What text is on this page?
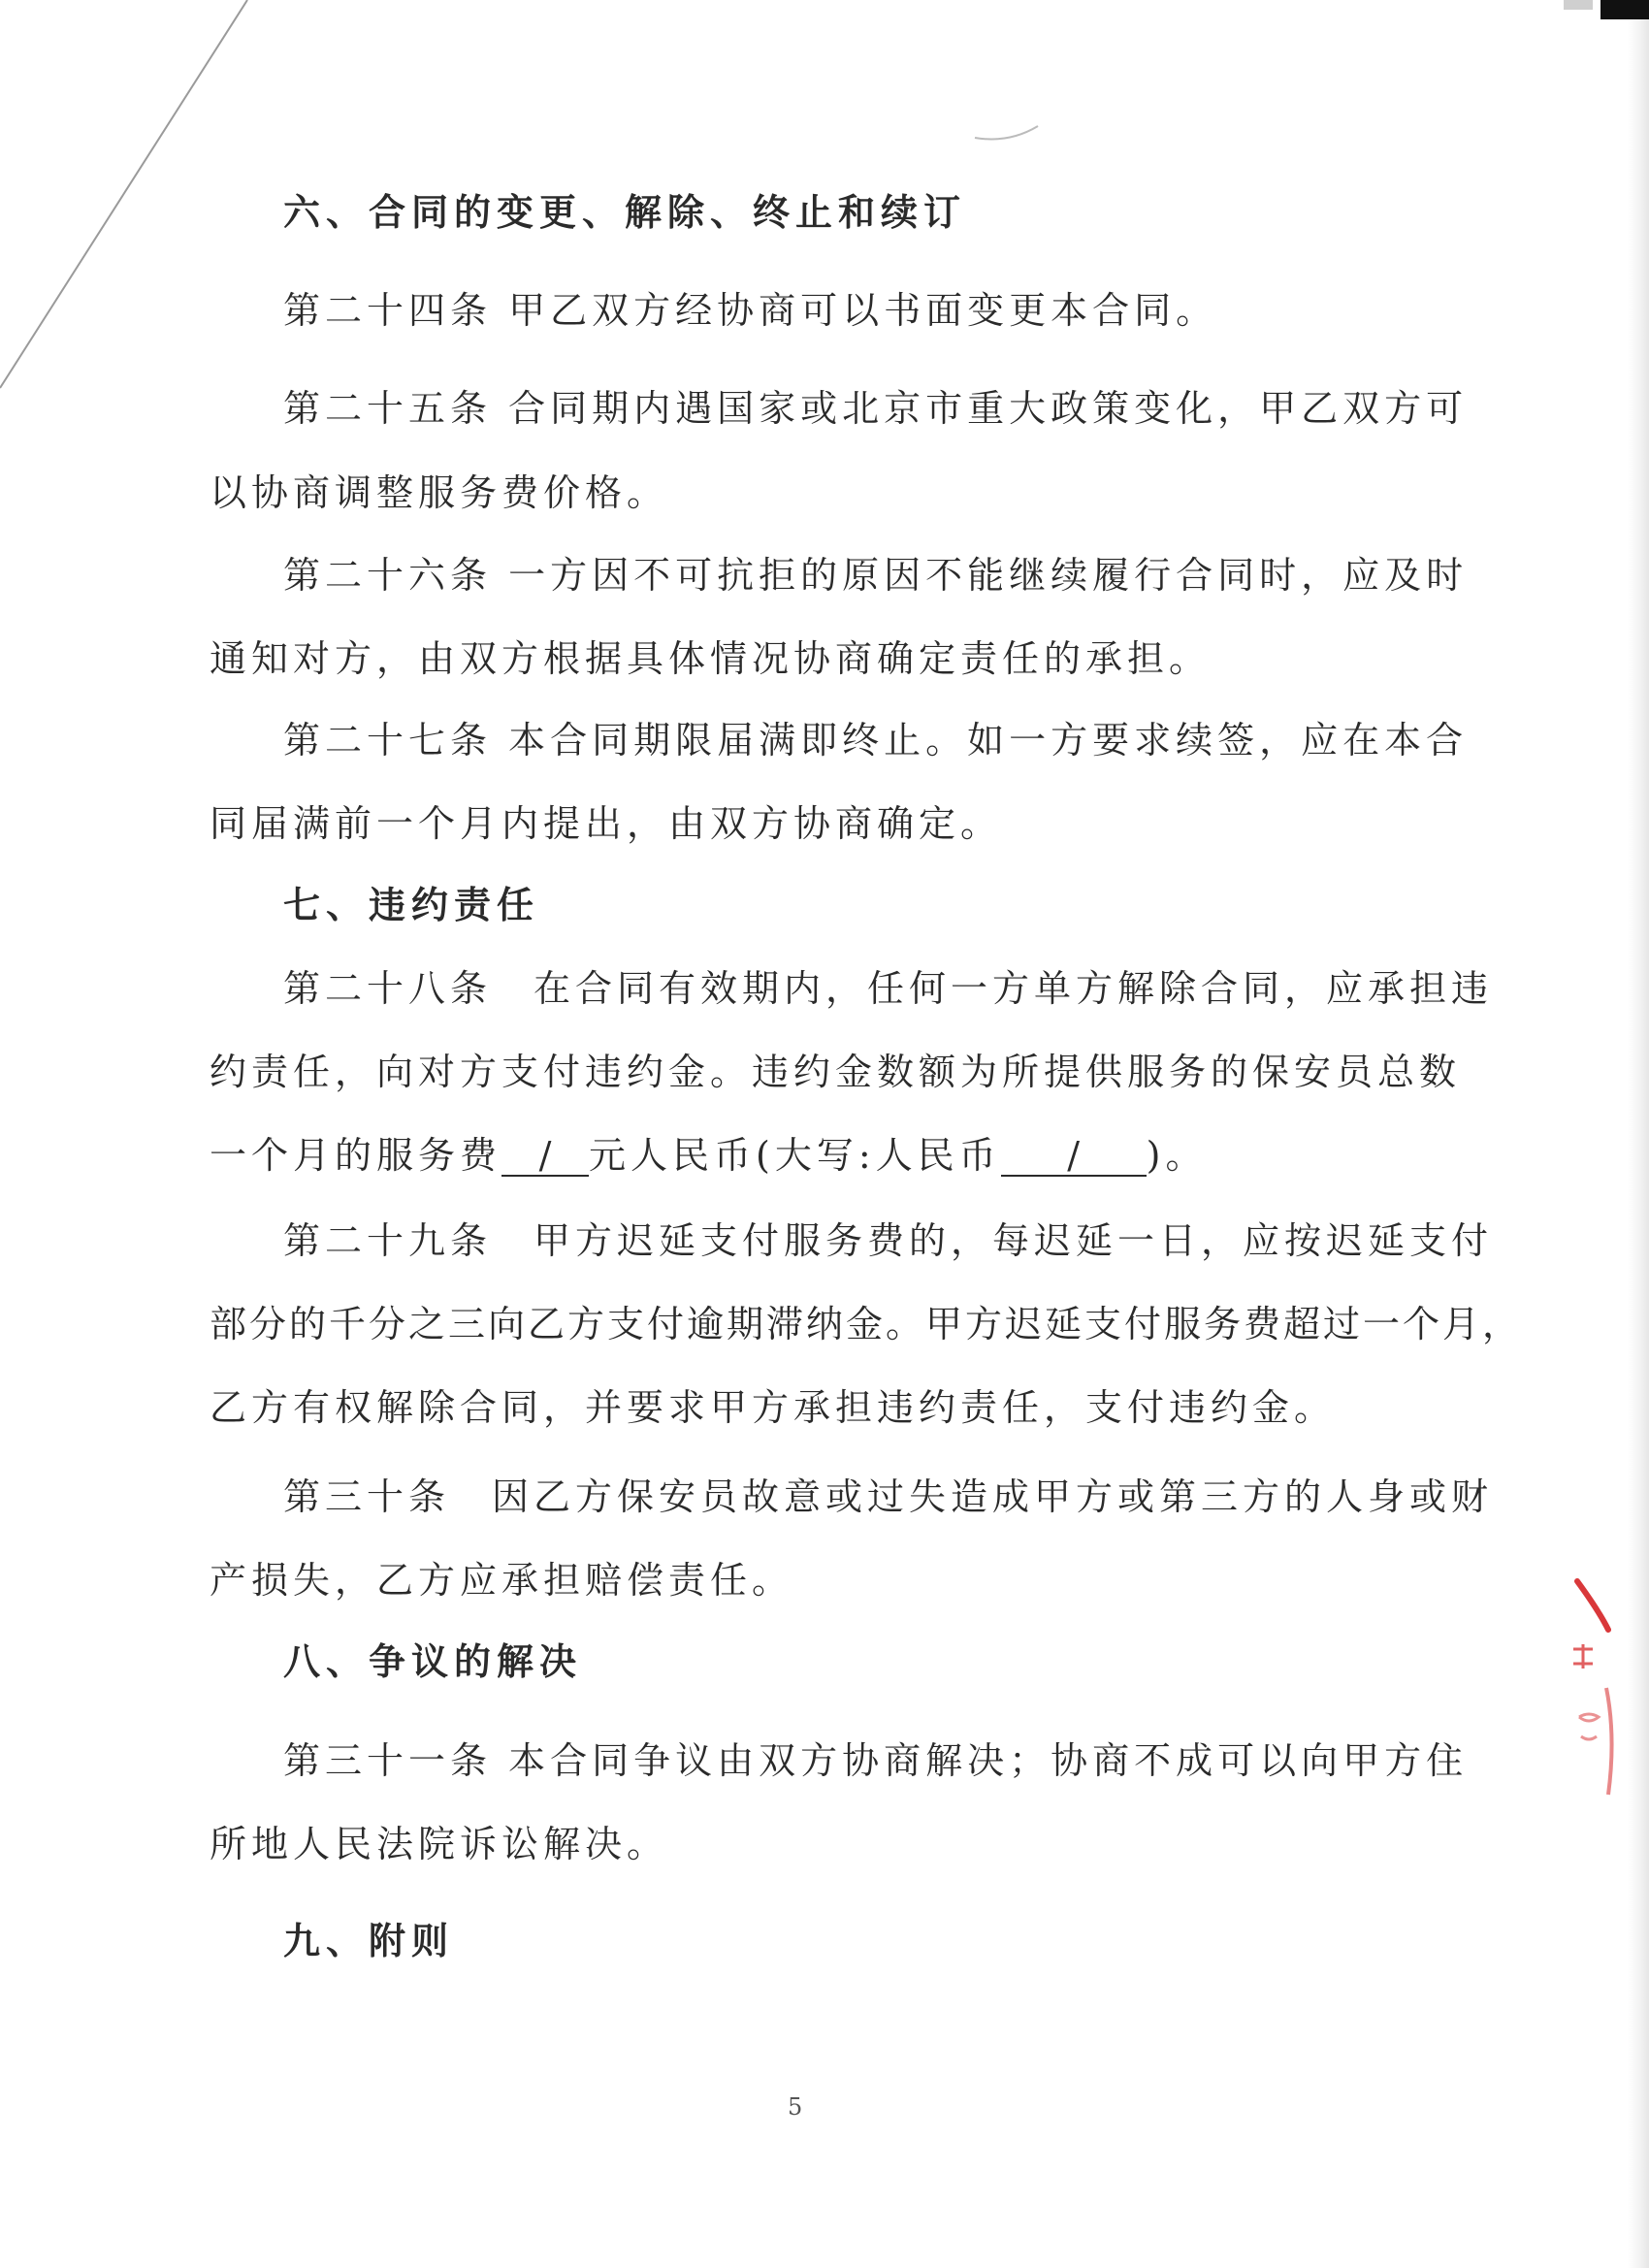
六、合同的变更、解除、终止和续订
第二十四条 甲乙双方经协商可以书面变更本合同。
第二十五条 合同期内遇国家或北京市重大政策变化，甲乙双方可
以协商调整服务费价格。
第二十六条 一方因不可抗拒的原因不能继续履行合同时，应及时
通知对方，由双方根据具体情况协商确定责任的承担。
第二十七条 本合同期限届满即终止。如一方要求续签，应在本合
同届满前一个月内提出，由双方协商确定。
七、违约责任
第二十八条　在合同有效期内，任何一方单方解除合同，应承担违
约责任，向对方支付违约金。违约金数额为所提供服务的保安员总数
一个月的服务费 / 元人民币(大写:人民币 / )。
第二十九条　甲方迟延支付服务费的，每迟延一日，应按迟延支付
部分的千分之三向乙方支付逾期滞纳金。甲方迟延支付服务费超过一个月，
乙方有权解除合同，并要求甲方承担违约责任，支付违约金。
第三十条　因乙方保安员故意或过失造成甲方或第三方的人身或财
产损失，乙方应承担赔偿责任。
八、争议的解决
第三十一条 本合同争议由双方协商解决；协商不成可以向甲方住
所地人民法院诉讼解决。
九、附则
5
